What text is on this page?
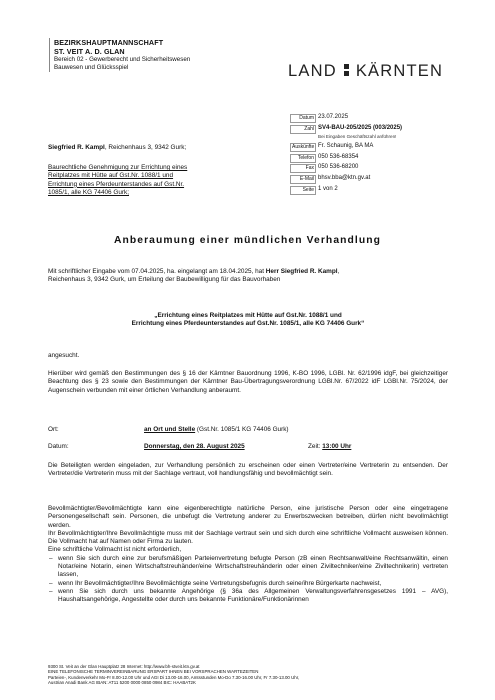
BEZIRKSHAUPTMANNSCHAFT
ST. VEIT A. D. GLAN
Bereich 02 - Gewerberecht und Sicherheitswesen
Bauwesen und Glücksspiel	LAND KÄRNTEN
Datum 23.07.2025
Zahl SV4-BAU-205/2025 (003/2025)
Bei Eingaben Geschäftszahl anführen!
Auskünfte Fr. Schaunig, BA MA
Telefon 050 536-68354
Fax 050 536-68200
E-Mail bhsv.bba@ktn.gv.at
Seite 1 von 2
Siegfried R. Kampl, Reichenhaus 3, 9342 Gurk;
Baurechtliche Genehmigung zur Errichtung eines
Reitplatzes mit Hütte auf Gst.Nr. 1088/1 und
Errichtung eines Pferdeunterstandes auf Gst.Nr.
1085/1, alle KG 74406 Gurk;
Anberaumung einer mündlichen Verhandlung
Mit schriftlicher Eingabe vom 07.04.2025, ha. eingelangt am 18.04.2025, hat Herr Siegfried R. Kampl,
Reichenhaus 3, 9342 Gurk, um Erteilung der Baubewilligung für das Bauvorhaben
„Errichtung eines Reitplatzes mit Hütte auf Gst.Nr. 1088/1 und
Errichtung eines Pferdeunterstandes auf Gst.Nr. 1085/1, alle KG 74406 Gurk“
angesucht.
Hierüber wird gemäß den Bestimmungen des § 16 der Kärntner Bauordnung 1996, K-BO 1996, LGBl. Nr. 62/1996 idgF, bei gleichzeitiger Beachtung des § 23 sowie den Bestimmungen der Kärntner Bau-Übertragungsverordnung LGBl.Nr. 67/2022 idF LGBl.Nr. 75/2024, der Augenschein verbunden mit einer örtlichen Verhandlung anberaumt.
Ort:	an Ort und Stelle (Gst.Nr. 1085/1 KG 74406 Gurk)
Datum:	Donnerstag, den 28. August 2025	Zeit: 13:00 Uhr
Die Beteiligten werden eingeladen, zur Verhandlung persönlich zu erscheinen oder einen Vertreter/eine Vertreterin zu entsenden. Der Vertreter/die Vertreterin muss mit der Sachlage vertraut, voll handlungsfähig und bevollmächtigt sein.
Bevollmächtigter/Bevollmächtigte kann eine eigenberechtigte natürliche Person, eine juristische Person oder eine eingetragene Personengesellschaft sein. Personen, die unbefugt die Vertretung anderer zu Erwerbszwecken betreiben, dürfen nicht bevollmächtigt werden.
Ihr Bevollmächtigter/Ihre Bevollmächtigte muss mit der Sachlage vertraut sein und sich durch eine schriftliche Vollmacht ausweisen können. Die Vollmacht hat auf Namen oder Firma zu lauten.
Eine schriftliche Vollmacht ist nicht erforderlich,
– wenn Sie sich durch eine zur berufsmäßigen Parteienvertretung befugte Person (zB einen Rechtsanwalt/eine Rechtsanwältin, einen Notar/eine Notarin, einen Wirtschaftstreuhänder/eine Wirtschaftstreuhänderin oder einen Ziviltechniker/eine Ziviltechnikerin) vertreten lassen,
– wenn Ihr Bevollmächtigter/Ihre Bevollmächtigte seine Vertretungsbefugnis durch seine/ihre Bürgerkarte nachweist,
– wenn Sie sich durch uns bekannte Angehörige (§ 36a des Allgemeinen Verwaltungsverfahrensgesetzes 1991 – AVG), Haushaltsangehörige, Angestellte oder durch uns bekannte Funktionäre/Funktionärinnen
9300 St. Veit an der Glan Hauptplatz 28 Internet: http://www.bh-stveit.ktn.gv.at
EINE TELEFONISCHE TERMINVEREINBARUNG ERSPART IHNEN BEI VORSPRACHEN WARTEZEITEN
Parteien-, Kundenverkehr Mo-Fr 8.00-12.00 Uhr und AGI Di 13.00-16.00, Amtsstunden Mo-Do 7.30-16.00 Uhr, Fr 7.30-13.00 Uhr,
Austrian Anadi Bank AG IBAN: AT11 5200 0000 0850 0984 BIC: HAABAT2K
